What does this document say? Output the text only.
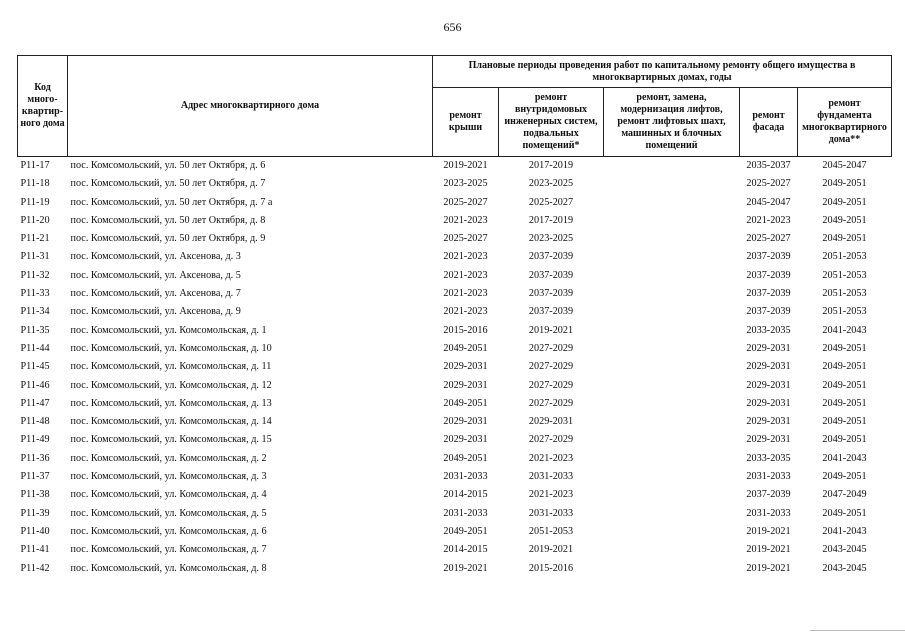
656
Код много-квартир-ного дома	Адрес многоквартирного дома	Плановые периоды проведения работ по капитальному ремонту общего имущества в многоквартирных домах, годы				
		ремонт крыши	ремонт внутридомовых инженерных систем, подвальных помещений*	ремонт, замена, модернизация лифтов, ремонт лифтовых шахт, машинных и блочных помещений	ремонт фасада	ремонт фундамента многоквартирного дома**
P11-17	пос. Комсомольский, ул. 50 лет Октября, д. 6	2019-2021	2017-2019		2035-2037	2045-2047
P11-18	пос. Комсомольский, ул. 50 лет Октября, д. 7	2023-2025	2023-2025		2025-2027	2049-2051
P11-19	пос. Комсомольский, ул. 50 лет Октября, д. 7 а	2025-2027	2025-2027		2045-2047	2049-2051
P11-20	пос. Комсомольский, ул. 50 лет Октября, д. 8	2021-2023	2017-2019		2021-2023	2049-2051
P11-21	пос. Комсомольский, ул. 50 лет Октября, д. 9	2025-2027	2023-2025		2025-2027	2049-2051
P11-31	пос. Комсомольский, ул. Аксенова, д. 3	2021-2023	2037-2039		2037-2039	2051-2053
P11-32	пос. Комсомольский, ул. Аксенова, д. 5	2021-2023	2037-2039		2037-2039	2051-2053
P11-33	пос. Комсомольский, ул. Аксенова, д. 7	2021-2023	2037-2039		2037-2039	2051-2053
P11-34	пос. Комсомольский, ул. Аксенова, д. 9	2021-2023	2037-2039		2037-2039	2051-2053
P11-35	пос. Комсомольский, ул. Комсомольская, д. 1	2015-2016	2019-2021		2033-2035	2041-2043
P11-44	пос. Комсомольский, ул. Комсомольская, д. 10	2049-2051	2027-2029		2029-2031	2049-2051
P11-45	пос. Комсомольский, ул. Комсомольская, д. 11	2029-2031	2027-2029		2029-2031	2049-2051
P11-46	пос. Комсомольский, ул. Комсомольская, д. 12	2029-2031	2027-2029		2029-2031	2049-2051
P11-47	пос. Комсомольский, ул. Комсомольская, д. 13	2049-2051	2027-2029		2029-2031	2049-2051
P11-48	пос. Комсомольский, ул. Комсомольская, д. 14	2029-2031	2029-2031		2029-2031	2049-2051
P11-49	пос. Комсомольский, ул. Комсомольская, д. 15	2029-2031	2027-2029		2029-2031	2049-2051
P11-36	пос. Комсомольский, ул. Комсомольская, д. 2	2049-2051	2021-2023		2033-2035	2041-2043
P11-37	пос. Комсомольский, ул. Комсомольская, д. 3	2031-2033	2031-2033		2031-2033	2049-2051
P11-38	пос. Комсомольский, ул. Комсомольская, д. 4	2014-2015	2021-2023		2037-2039	2047-2049
P11-39	пос. Комсомольский, ул. Комсомольская, д. 5	2031-2033	2031-2033		2031-2033	2049-2051
P11-40	пос. Комсомольский, ул. Комсомольская, д. 6	2049-2051	2051-2053		2019-2021	2041-2043
P11-41	пос. Комсомольский, ул. Комсомольская, д. 7	2014-2015	2019-2021		2019-2021	2043-2045
P11-42	пос. Комсомольский, ул. Комсомольская, д. 8	2019-2021	2015-2016		2019-2021	2043-2045
